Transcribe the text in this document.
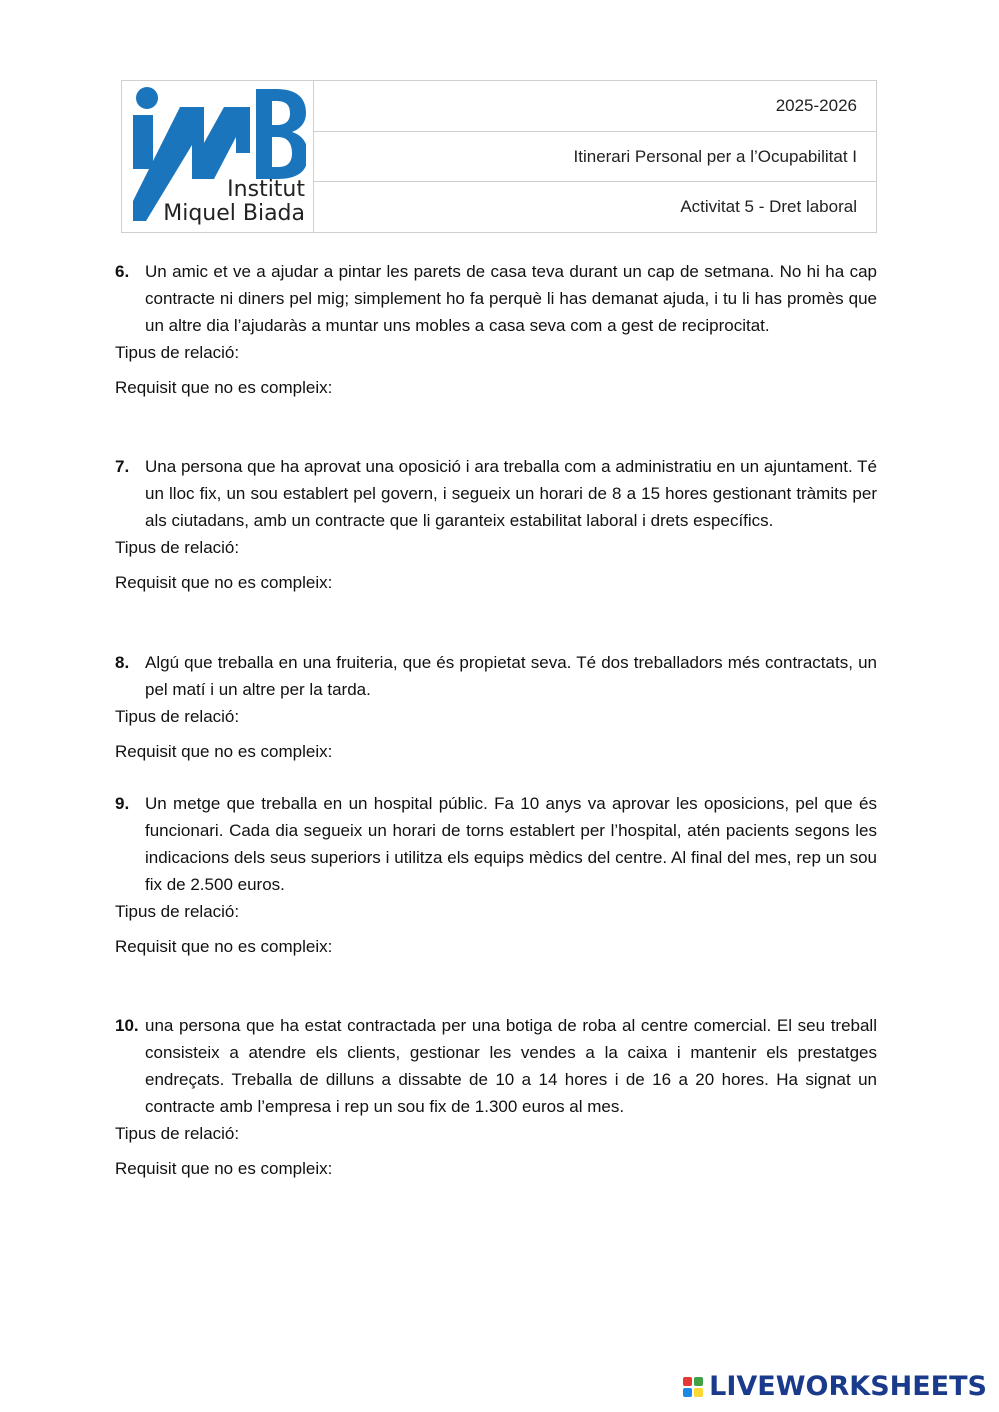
Institut
Miquel Biada
2025-2026
Itinerari Personal per a l’Ocupabilitat I
Activitat 5 - Dret laboral
6. Un amic et ve a ajudar a pintar les parets de casa teva durant un cap de setmana. No hi ha cap contracte ni diners pel mig; simplement ho fa perquè li has demanat ajuda, i tu li has promès que un altre dia l’ajudaràs a muntar uns mobles a casa seva com a gest de reciprocitat.
Tipus de relació:
Requisit que no es compleix:
7. Una persona que ha aprovat una oposició i ara treballa com a administratiu en un ajuntament. Té un lloc fix, un sou establert pel govern, i segueix un horari de 8 a 15 hores gestionant tràmits per als ciutadans, amb un contracte que li garanteix estabilitat laboral i drets específics.
Tipus de relació:
Requisit que no es compleix:
8. Algú que treballa en una fruiteria, que és propietat seva. Té dos treballadors més contractats, un pel matí i un altre per la tarda.
Tipus de relació:
Requisit que no es compleix:
9. Un metge que treballa en un hospital públic. Fa 10 anys va aprovar les oposicions, pel que és funcionari. Cada dia segueix un horari de torns establert per l’hospital, atén pacients segons les indicacions dels seus superiors i utilitza els equips mèdics del centre. Al final del mes, rep un sou fix de 2.500 euros.
Tipus de relació:
Requisit que no es compleix:
10. una persona que ha estat contractada per una botiga de roba al centre comercial. El seu treball consisteix a atendre els clients, gestionar les vendes a la caixa i mantenir els prestatges endreçats. Treballa de dilluns a dissabte de 10 a 14 hores i de 16 a 20 hores. Ha signat un contracte amb l’empresa i rep un sou fix de 1.300 euros al mes.
Tipus de relació:
Requisit que no es compleix:
LIVEWORKSHEETS
